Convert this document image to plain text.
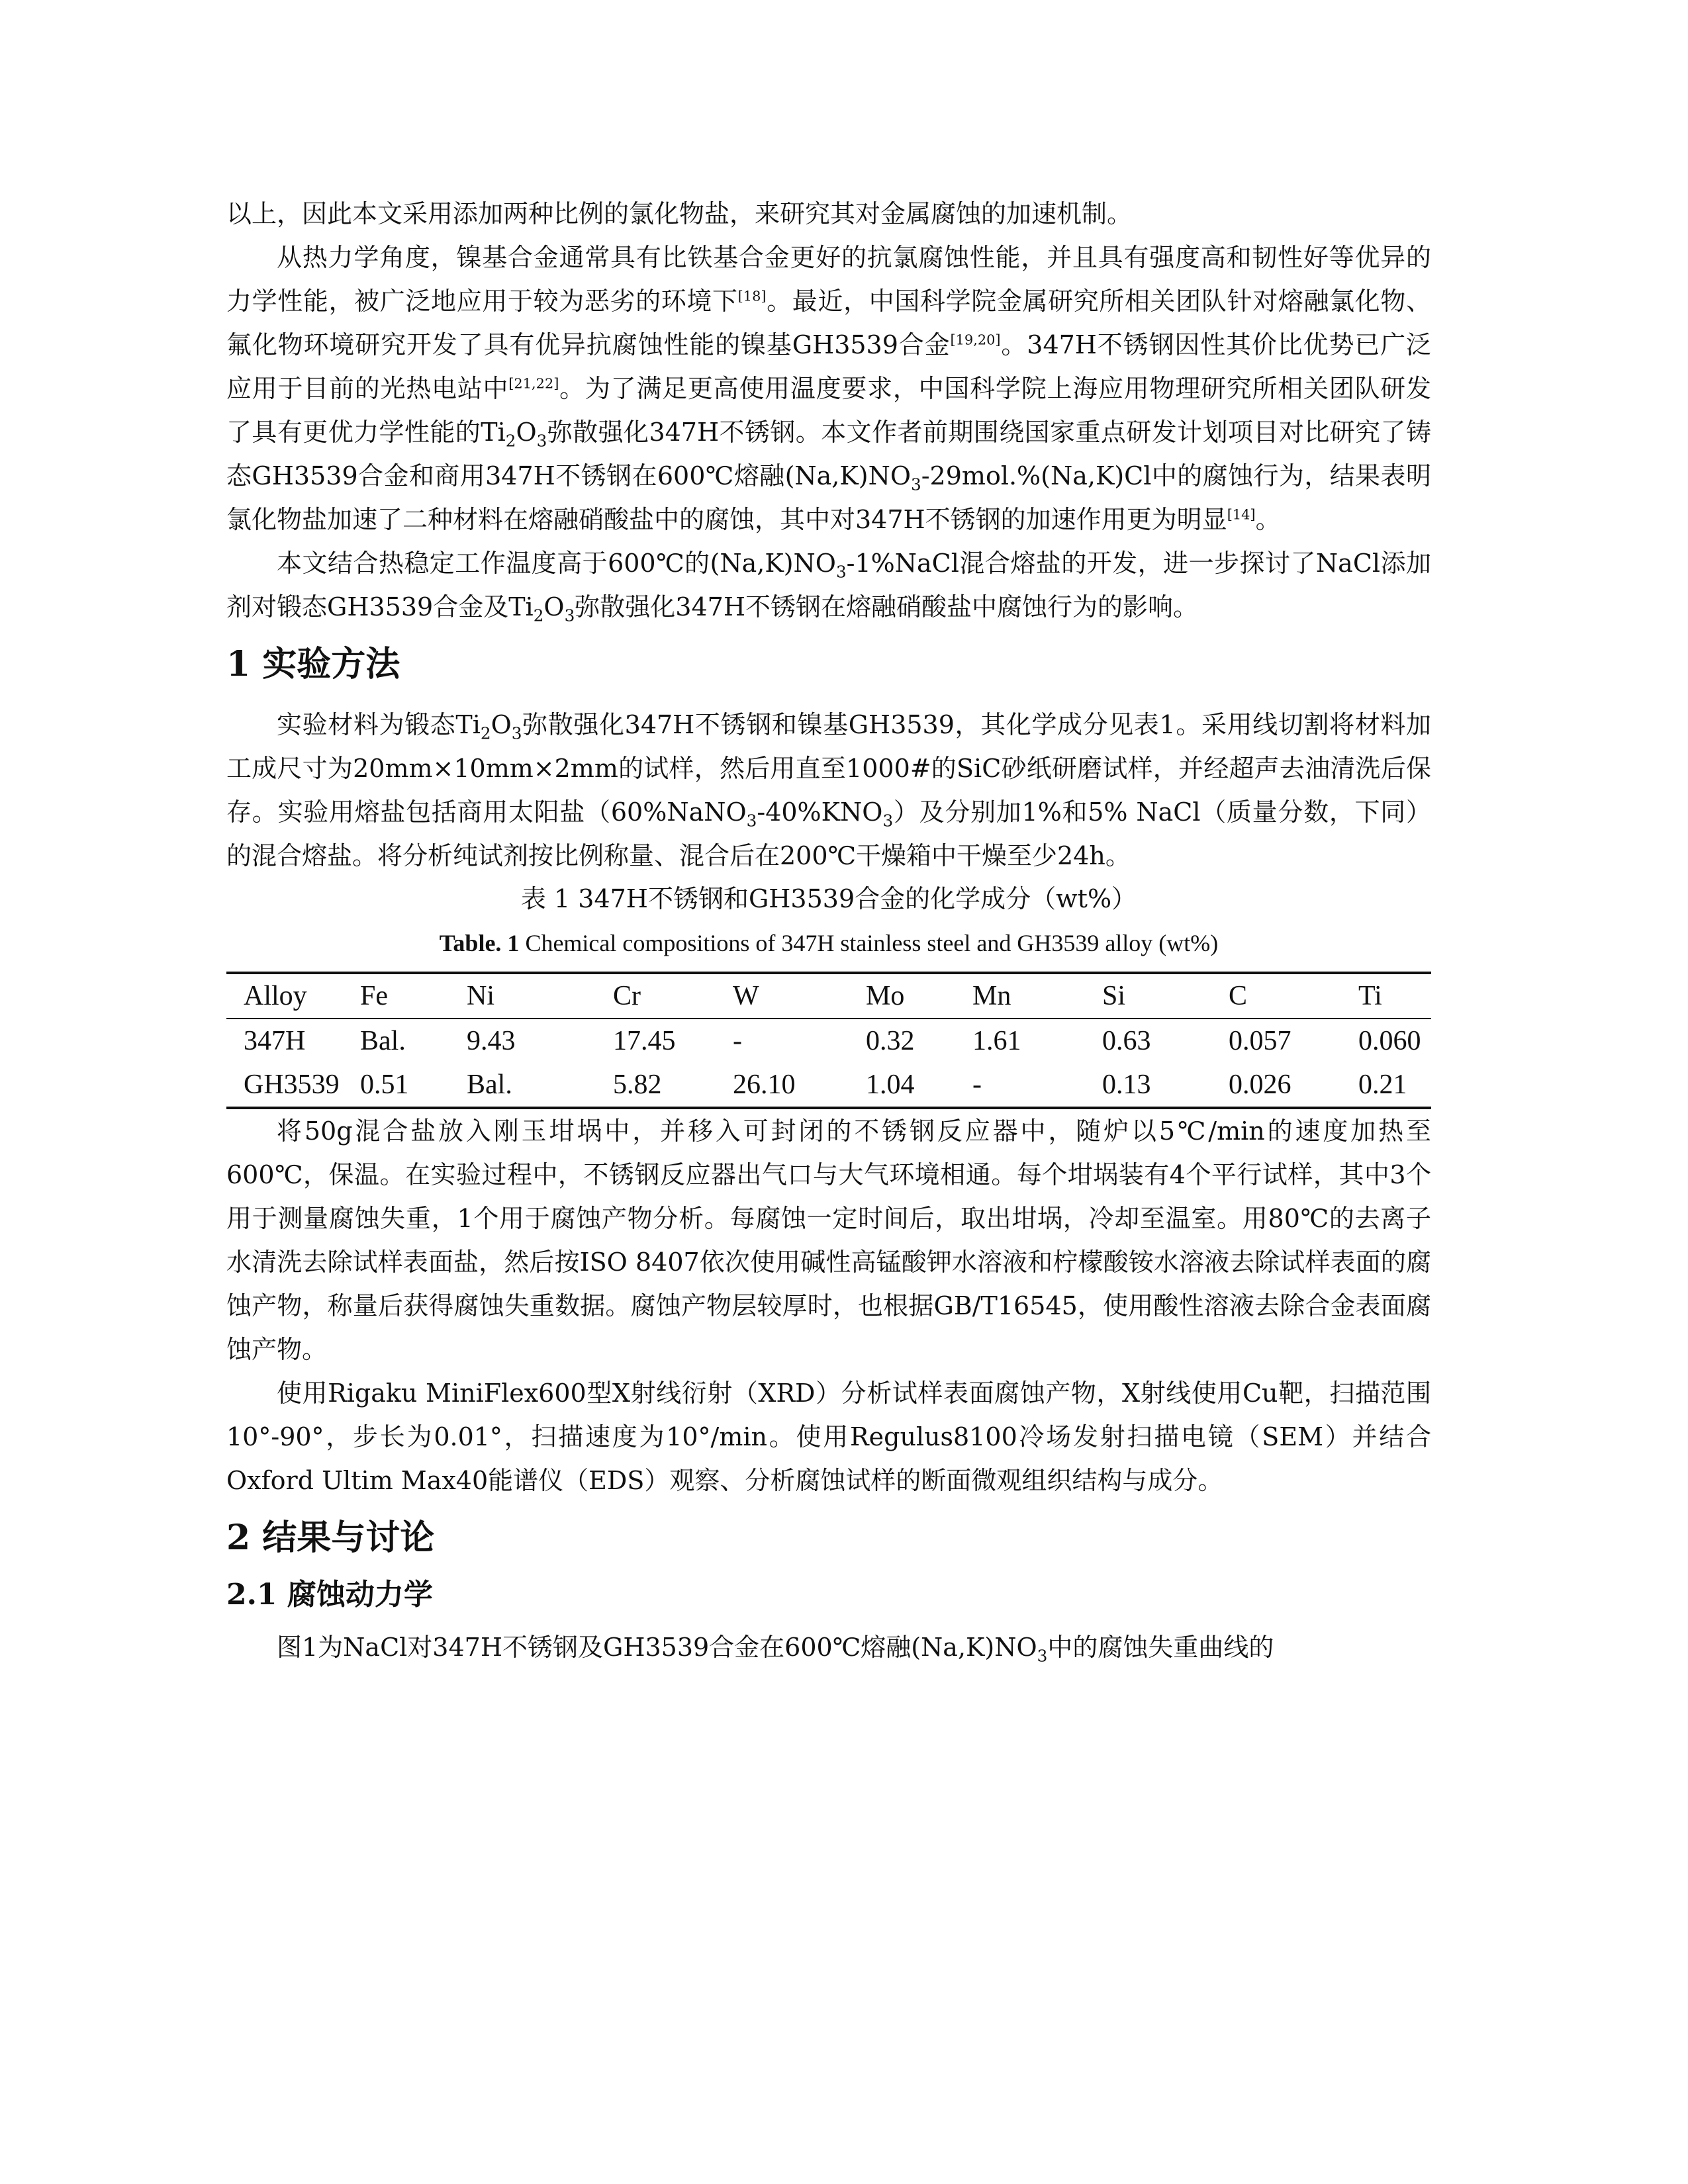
以上，因此本文采用添加两种比例的氯化物盐，来研究其对金属腐蚀的加速机制。

从热力学角度，镍基合金通常具有比铁基合金更好的抗氯腐蚀性能，并且具有强度高和韧性好等优异的力学性能，被广泛地应用于较为恶劣的环境下[18]。最近，中国科学院金属研究所相关团队针对熔融氯化物、氟化物环境研究开发了具有优异抗腐蚀性能的镍基GH3539合金[19,20]。347H不锈钢因性其价比优势已广泛应用于目前的光热电站中[21,22]。为了满足更高使用温度要求，中国科学院上海应用物理研究所相关团队研发了具有更优力学性能的$Ti_2O_3$弥散强化347H不锈钢。本文作者前期围绕国家重点研发计划项目对比研究了铸态GH3539合金和商用347H不锈钢在600℃熔融$(Na,K)NO_3-29mol.\%(Na,K)Cl$中的腐蚀行为，结果表明氯化物盐加速了二种材料在熔融硝酸盐中的腐蚀，其中对347H不锈钢的加速作用更为明显[14]。

本文结合热稳定工作温度高于600℃的$(Na,K)NO_3-1\%NaCl$混合熔盐的开发，进一步探讨了NaCl添加剂对锻态GH3539合金及$Ti_2O_3$弥散强化347H不锈钢在熔融硝酸盐中腐蚀行为的影响。

1 实验方法

实验材料为锻态$Ti_2O_3$弥散强化347H不锈钢和镍基GH3539，其化学成分见表1。采用线切割将材料加工成尺寸为20mm×10mm×2mm的试样，然后用直至1000#的SiC砂纸研磨试样，并经超声去油清洗后保存。实验用熔盐包括商用太阳盐$(60\%NaNO_3-40\%KNO_3)$及分别加1%和5% NaCl（质量分数，下同）的混合熔盐。将分析纯试剂按比例称量、混合后在200℃干燥箱中干燥至少24h。

表 1 347H不锈钢和GH3539合金的化学成分（wt%）
Table. 1 Chemical compositions of 347H stainless steel and GH3539 alloy (wt%)
Alloy	Fe	Ni	Cr	W	Mo	Mn	Si	C	Ti
347H	Bal.	9.43	17.45	-	0.32	1.61	0.63	0.057	0.060
GH3539	0.51	Bal.	5.82	26.10	1.04	-	0.13	0.026	0.21

将50g混合盐放入刚玉坩埚中，并移入可封闭的不锈钢反应器中，随炉以5℃/min的速度加热至600℃，保温。在实验过程中，不锈钢反应器出气口与大气环境相通。每个坩埚装有4个平行试样，其中3个用于测量腐蚀失重，1个用于腐蚀产物分析。每腐蚀一定时间后，取出坩埚，冷却至温室。用80℃的去离子水清洗去除试样表面盐，然后按ISO 8407依次使用碱性高锰酸钾水溶液和柠檬酸铵水溶液去除试样表面的腐蚀产物，称量后获得腐蚀失重数据。腐蚀产物层较厚时，也根据GB/T16545，使用酸性溶液去除合金表面腐蚀产物。

使用Rigaku MiniFlex600型X射线衍射（XRD）分析试样表面腐蚀产物，X射线使用Cu靶，扫描范围10°-90°，步长为0.01°，扫描速度为10°/min。使用Regulus8100冷场发射扫描电镜（SEM）并结合Oxford Ultim Max40能谱仪（EDS）观察、分析腐蚀试样的断面微观组织结构与成分。

2 结果与讨论
2.1 腐蚀动力学

图1为NaCl对347H不锈钢及GH3539合金在600℃熔融$(Na,K)NO_3$中的腐蚀失重曲线的
